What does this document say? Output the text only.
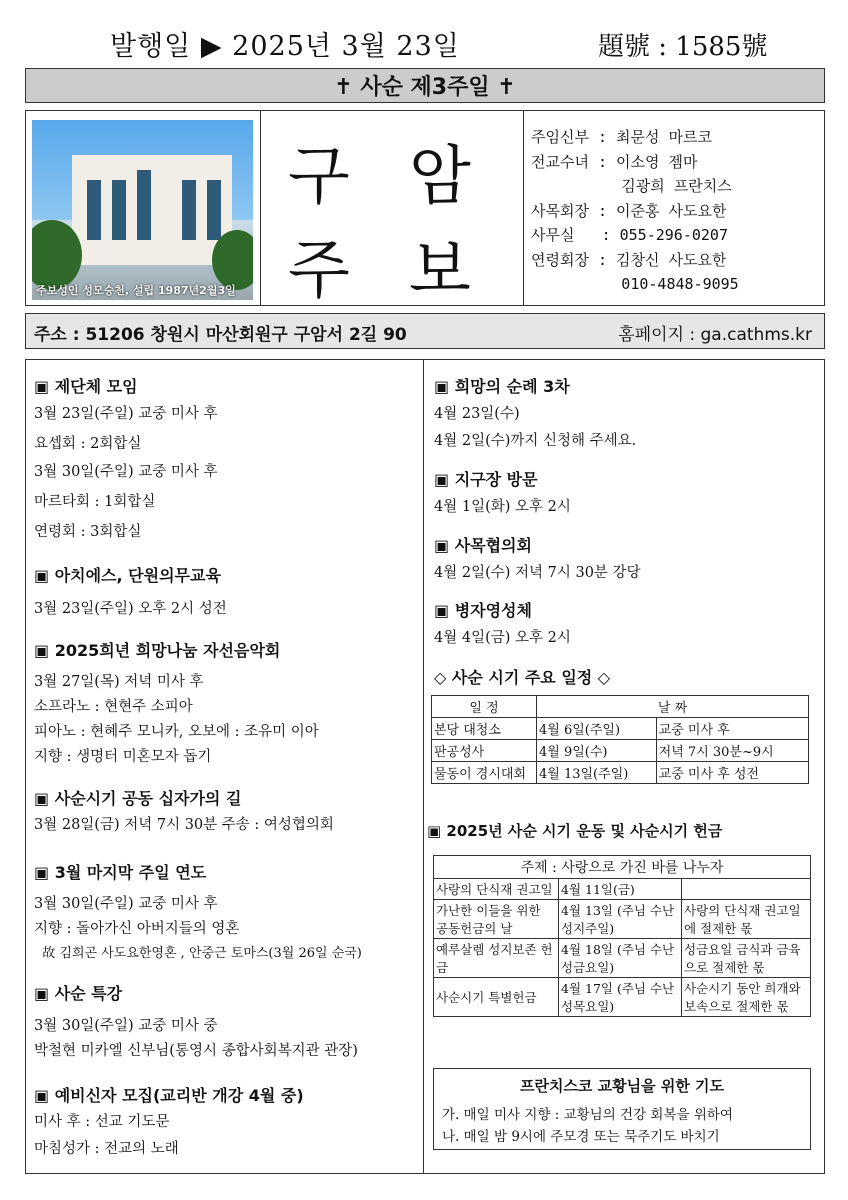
발행일 ▶ 2025년 3월 23일	題號 : 1585號
✝ 사순 제3주일 ✝
주보성인 성모승천, 설립 1987년2월3일
구 암
주 보
주임신부 : 최문성 마르코
전교수녀 : 이소영 젬마
김광희 프란치스
사목회장 : 이준홍 사도요한
사무실   : 055-296-0207
연령회장 : 김창신 사도요한
010-4848-9095
주소 : 51206 창원시 마산회원구 구암서 2길 90	홈페이지 : ga.cathms.kr
▣ 제단체 모임
3월 23일(주일) 교중 미사 후
요셉회 : 2회합실
3월 30일(주일) 교중 미사 후
마르타회 : 1회합실
연령회 : 3회합실
▣ 아치에스, 단원의무교육
3월 23일(주일) 오후 2시 성전
▣ 2025희년 희망나눔 자선음악회
3월 27일(목) 저녁 미사 후
소프라노 : 현현주 소피아
피아노 : 현혜주 모니카, 오보에 : 조유미 이아
지향 : 생명터 미혼모자 돕기
▣ 사순시기 공동 십자가의 길
3월 28일(금) 저녁 7시 30분 주송 : 여성협의회
▣ 3월 마지막 주일 연도
3월 30일(주일) 교중 미사 후
지향 : 돌아가신 아버지들의 영혼
故 김희곤 사도요한영혼 , 안중근 토마스(3월 26일 순국)
▣ 사순 특강
3월 30일(주일) 교중 미사 중
박철현 미카엘 신부님(통영시 종합사회복지관 관장)
▣ 예비신자 모집(교리반 개강 4월 중)
미사 후 : 선교 기도문
마침성가 : 전교의 노래
▣ 희망의 순례 3차
4월 23일(수)
4월 2일(수)까지 신청해 주세요.
▣ 지구장 방문
4월 1일(화) 오후 2시
▣ 사목협의회
4월 2일(수) 저녁 7시 30분 강당
▣ 병자영성체
4월 4일(금) 오후 2시
◇ 사순 시기 주요 일정 ◇
일 정	날 짜	
본당 대청소	4월 6일(주일)	교중 미사 후
판공성사	4월 9일(수)	저녁 7시 30분~9시
물동이 경시대회	4월 13일(주일)	교중 미사 후 성전
▣ 2025년 사순 시기 운동 및 사순시기 헌금
주제 : 사랑으로 가진 바를 나누자		
사랑의 단식재 권고일	4월 11일(금)	
가난한 이들을 위한 공동헌금의 날	4월 13일 (주님 수난 성지주일)	사랑의 단식재 권고일에 절제한 몫
예루살렘 성지보존 헌금	4월 18일 (주님 수난 성금요일)	성금요일 금식과 금육으로 절제한 몫
사순시기 특별헌금	4월 17일 (주님 수난 성목요일)	사순시기 동안 희개와 보속으로 절제한 몫
프란치스코 교황님을 위한 기도
가. 매일 미사 지향 : 교황님의 건강 회복을 위하여
나. 매일 밤 9시에 주모경 또는 묵주기도 바치기
